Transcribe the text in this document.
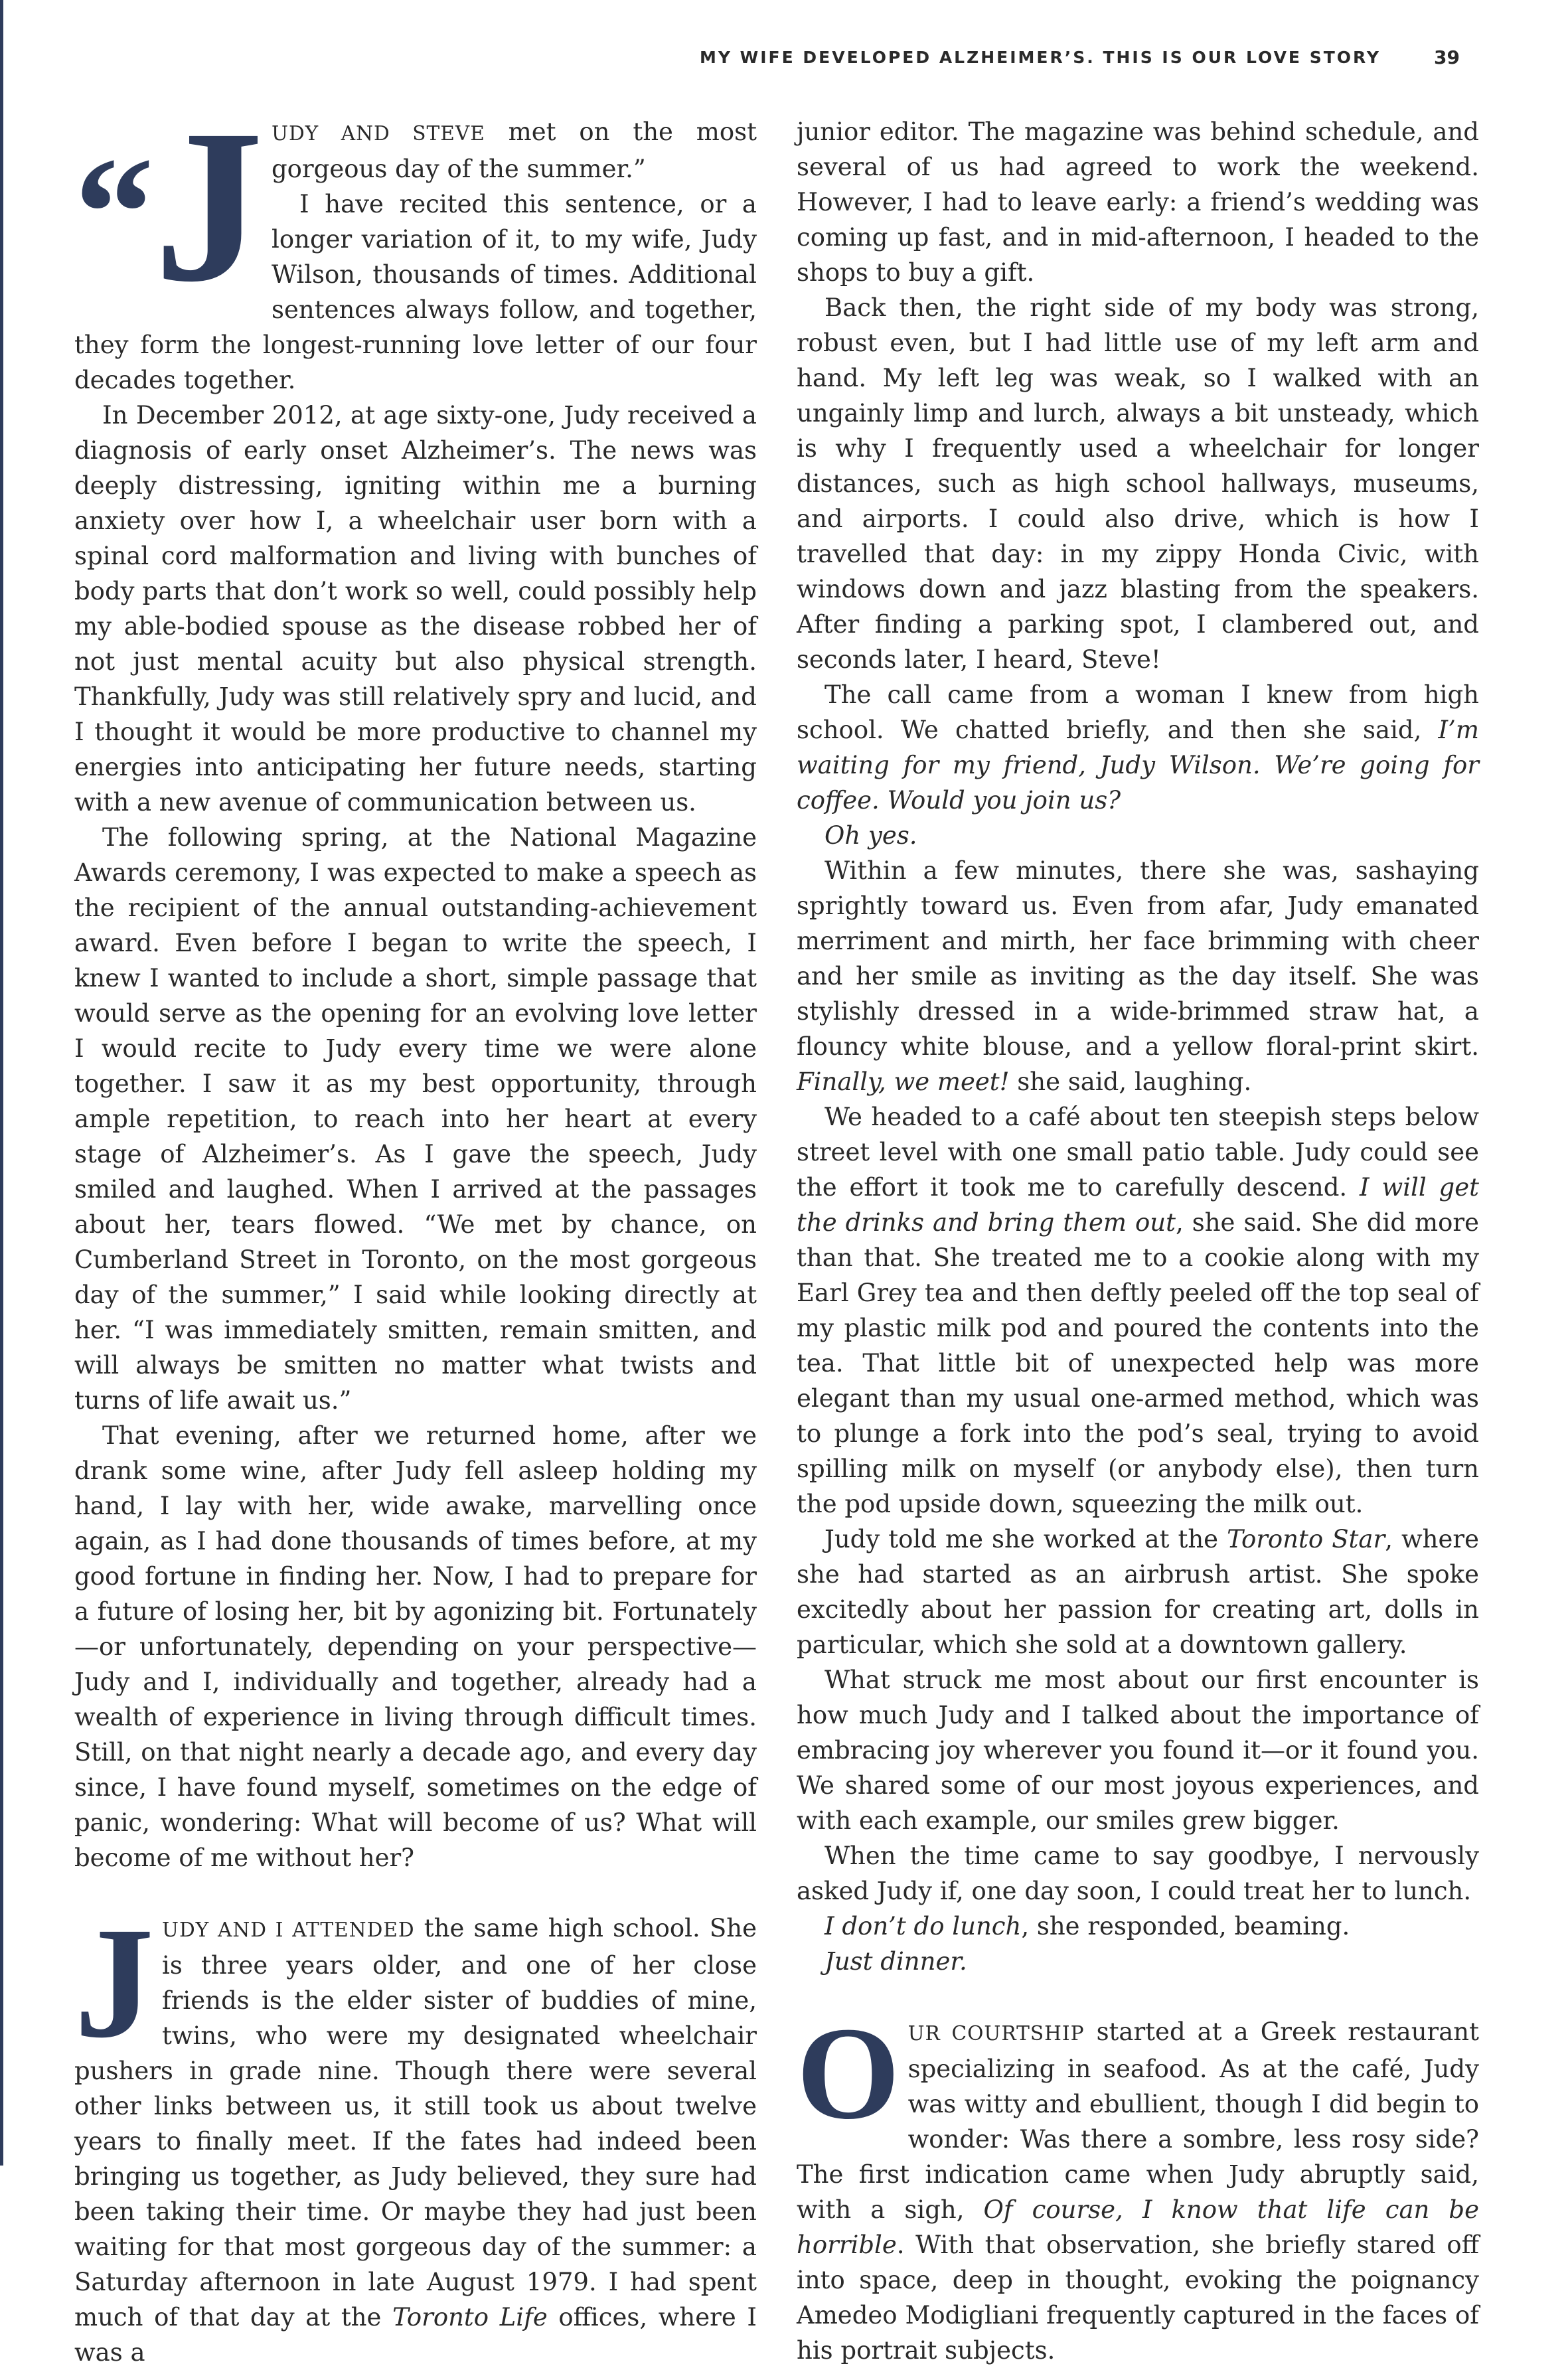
MY WIFE DEVELOPED ALZHEIMER’S. THIS IS OUR LOVE STORY	39

“J UDY AND STEVE met on the most gorgeous day of the summer.”

I have recited this sentence, or a longer variation of it, to my wife, Judy Wilson, thousands of times. Additional sentences always follow, and together, they form the longest-running love letter of our four decades together.

In December 2012, at age sixty-one, Judy received a diagnosis of early onset Alzheimer’s. The news was deeply distressing, igniting within me a burning anxiety over how I, a wheelchair user born with a spinal cord malformation and living with bunches of body parts that don’t work so well, could possibly help my able-bodied spouse as the disease robbed her of not just mental acuity but also physical strength. Thankfully, Judy was still relatively spry and lucid, and I thought it would be more productive to channel my energies into anticipating her future needs, starting with a new avenue of communication between us.

The following spring, at the National Magazine Awards ceremony, I was expected to make a speech as the recipient of the annual outstanding-achievement award. Even before I began to write the speech, I knew I wanted to include a short, simple passage that would serve as the opening for an evolving love letter I would recite to Judy every time we were alone together. I saw it as my best opportunity, through ample repetition, to reach into her heart at every stage of Alzheimer’s. As I gave the speech, Judy smiled and laughed. When I arrived at the passages about her, tears flowed. “We met by chance, on Cumberland Street in Toronto, on the most gorgeous day of the summer,” I said while looking directly at her. “I was immediately smitten, remain smitten, and will always be smitten no matter what twists and turns of life await us.”

That evening, after we returned home, after we drank some wine, after Judy fell asleep holding my hand, I lay with her, wide awake, marvelling once again, as I had done thousands of times before, at my good fortune in finding her. Now, I had to prepare for a future of losing her, bit by agonizing bit. Fortunately—or unfortunately, depending on your perspective—Judy and I, individually and together, already had a wealth of experience in living through difficult times. Still, on that night nearly a decade ago, and every day since, I have found myself, sometimes on the edge of panic, wondering: What will become of us? What will become of me without her?

JUDY AND I ATTENDED the same high school. She is three years older, and one of her close friends is the elder sister of buddies of mine, twins, who were my designated wheelchair pushers in grade nine. Though there were several other links between us, it still took us about twelve years to finally meet. If the fates had indeed been bringing us together, as Judy believed, they sure had been taking their time. Or maybe they had just been waiting for that most gorgeous day of the summer: a Saturday afternoon in late August 1979. I had spent much of that day at the Toronto Life offices, where I was a

junior editor. The magazine was behind schedule, and several of us had agreed to work the weekend. However, I had to leave early: a friend’s wedding was coming up fast, and in mid-afternoon, I headed to the shops to buy a gift.

Back then, the right side of my body was strong, robust even, but I had little use of my left arm and hand. My left leg was weak, so I walked with an ungainly limp and lurch, always a bit unsteady, which is why I frequently used a wheelchair for longer distances, such as high school hallways, museums, and airports. I could also drive, which is how I travelled that day: in my zippy Honda Civic, with windows down and jazz blasting from the speakers. After finding a parking spot, I clambered out, and seconds later, I heard, Steve!

The call came from a woman I knew from high school. We chatted briefly, and then she said, I’m waiting for my friend, Judy Wilson. We’re going for coffee. Would you join us?

Oh yes.

Within a few minutes, there she was, sashaying sprightly toward us. Even from afar, Judy emanated merriment and mirth, her face brimming with cheer and her smile as inviting as the day itself. She was stylishly dressed in a wide-brimmed straw hat, a flouncy white blouse, and a yellow floral-print skirt. Finally, we meet! she said, laughing.

We headed to a café about ten steepish steps below street level with one small patio table. Judy could see the effort it took me to carefully descend. I will get the drinks and bring them out, she said. She did more than that. She treated me to a cookie along with my Earl Grey tea and then deftly peeled off the top seal of my plastic milk pod and poured the contents into the tea. That little bit of unexpected help was more elegant than my usual one-armed method, which was to plunge a fork into the pod’s seal, trying to avoid spilling milk on myself (or anybody else), then turn the pod upside down, squeezing the milk out.

Judy told me she worked at the Toronto Star, where she had started as an airbrush artist. She spoke excitedly about her passion for creating art, dolls in particular, which she sold at a downtown gallery.

What struck me most about our first encounter is how much Judy and I talked about the importance of embracing joy wherever you found it—or it found you. We shared some of our most joyous experiences, and with each example, our smiles grew bigger.

When the time came to say goodbye, I nervously asked Judy if, one day soon, I could treat her to lunch.

I don’t do lunch, she responded, beaming.

Just dinner.

OUR COURTSHIP started at a Greek restaurant specializing in seafood. As at the café, Judy was witty and ebullient, though I did begin to wonder: Was there a sombre, less rosy side? The first indication came when Judy abruptly said, with a sigh, Of course, I know that life can be horrible. With that observation, she briefly stared off into space, deep in thought, evoking the poignancy Amedeo Modigliani frequently captured in the faces of his portrait subjects.
